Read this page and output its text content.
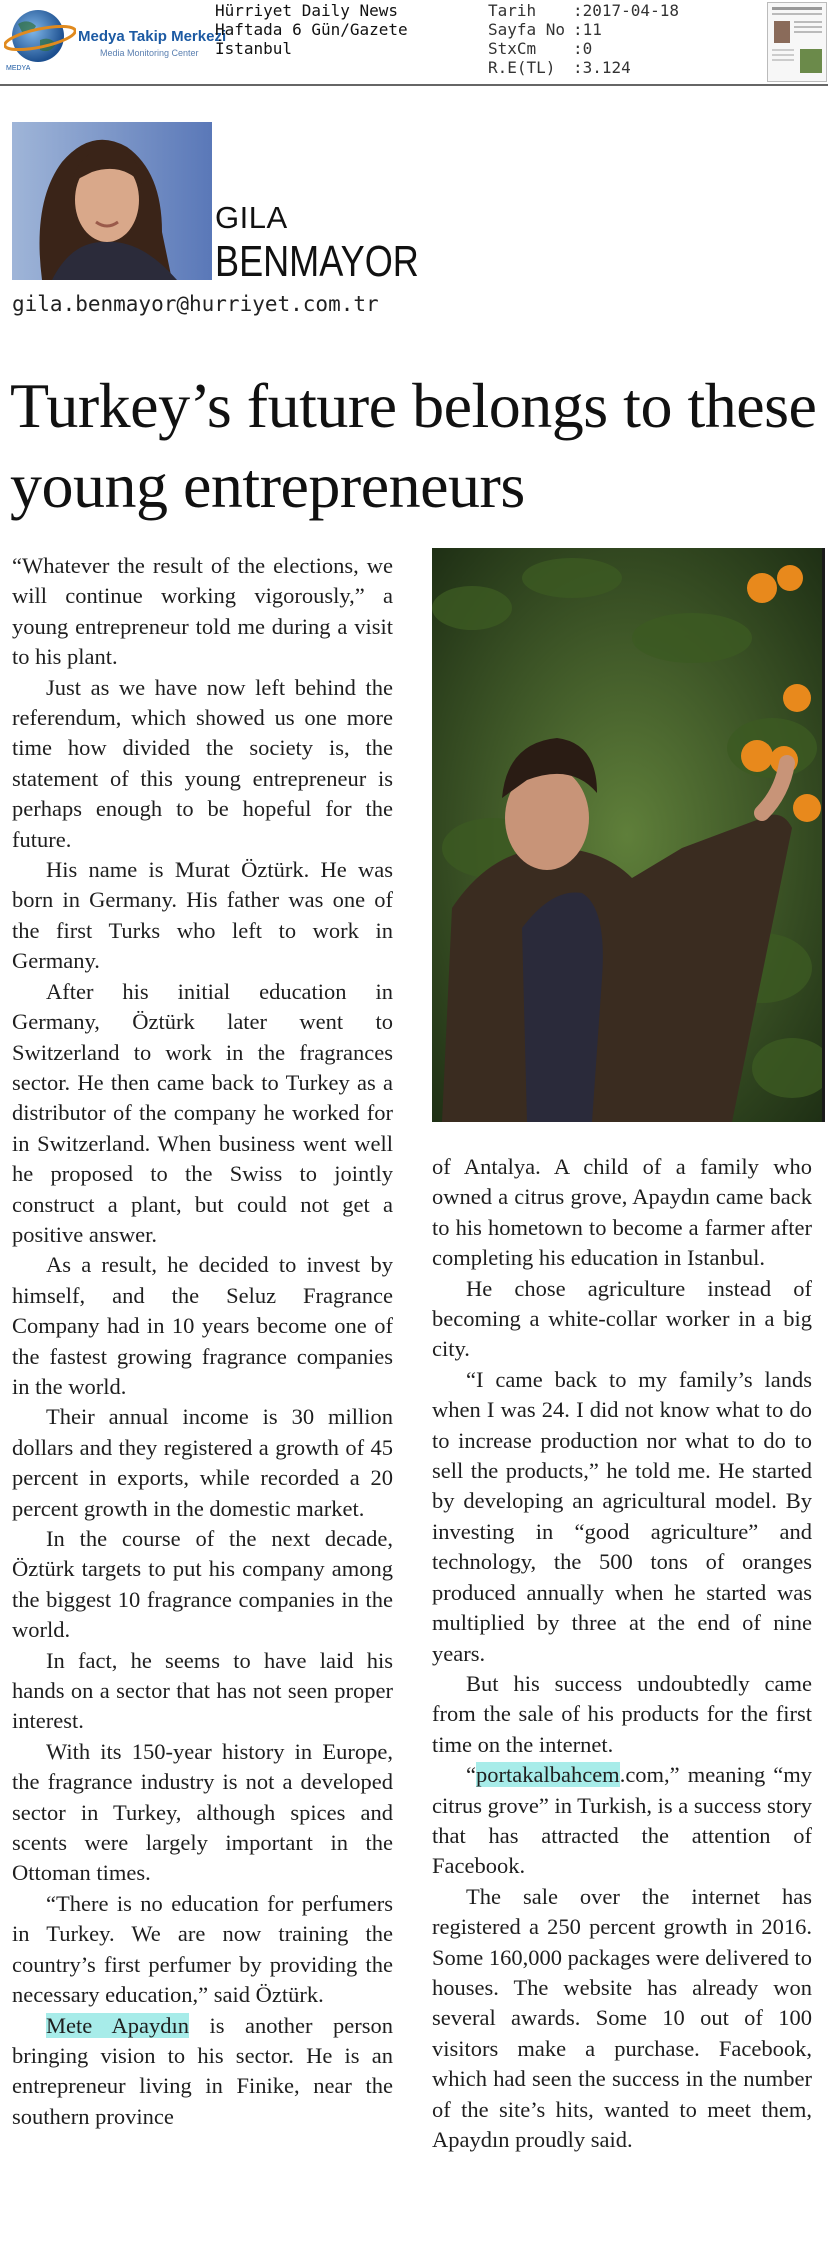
MEDYA
Medya Takip Merkezi
Media Monitoring Center
Hürriyet Daily News
Haftada 6 Gün/Gazete
İstanbul
Tarih	:2017-04-18
Sayfa No :11
StxCm	:0
R.E(TL)	:3.124
GILA
BENMAYOR
gila.benmayor@hurriyet.com.tr
Turkey’s future belongs to these young entrepreneurs

“Whatever the result of the elections, we will continue working vigorously,” a young entrepreneur told me during a visit to his plant.

Just as we have now left behind the referendum, which showed us one more time how divided the society is, the statement of this young entrepreneur is perhaps enough to be hopeful for the future.

His name is Murat Öztürk. He was born in Germany. His father was one of the first Turks who left to work in Germany.

After his initial education in Germany, Öztürk later went to Switzerland to work in the fragrances sector. He then came back to Turkey as a distributor of the company he worked for in Switzerland. When business went well he proposed to the Swiss to jointly construct a plant, but could not get a positive answer.

As a result, he decided to invest by himself, and the Seluz Fragrance Company had in 10 years become one of the fastest growing fragrance companies in the world.

Their annual income is 30 million dollars and they registered a growth of 45 percent in exports, while recorded a 20 percent growth in the domestic market.

In the course of the next decade, Öztürk targets to put his company among the biggest 10 fragrance companies in the world.

In fact, he seems to have laid his hands on a sector that has not seen proper interest.

With its 150-year history in Europe, the fragrance industry is not a developed sector in Turkey, although spices and scents were largely important in the Ottoman times.

“There is no education for perfumers in Turkey. We are now training the country’s first perfumer by providing the necessary education,” said Öztürk.

Mete Apaydın is another person bringing vision to his sector. He is an entrepreneur living in Finike, near the southern province

of Antalya. A child of a family who owned a citrus grove, Apaydın came back to his hometown to become a farmer after completing his education in Istanbul.

He chose agriculture instead of becoming a white-collar worker in a big city.

“I came back to my family’s lands when I was 24. I did not know what to do to increase production nor what to do to sell the products,” he told me. He started by developing an agricultural model. By investing in “good agriculture” and technology, the 500 tons of oranges produced annually when he started was multiplied by three at the end of nine years.

But his success undoubtedly came from the sale of his products for the first time on the internet.

“portakalbahcem.com,” meaning “my citrus grove” in Turkish, is a success story that has attracted the attention of Facebook.

The sale over the internet has registered a 250 percent growth in 2016. Some 160,000 packages were delivered to houses. The website has already won several awards. Some 10 out of 100 visitors make a purchase. Facebook, which had seen the success in the number of the site’s hits, wanted to meet them, Apaydın proudly said.
